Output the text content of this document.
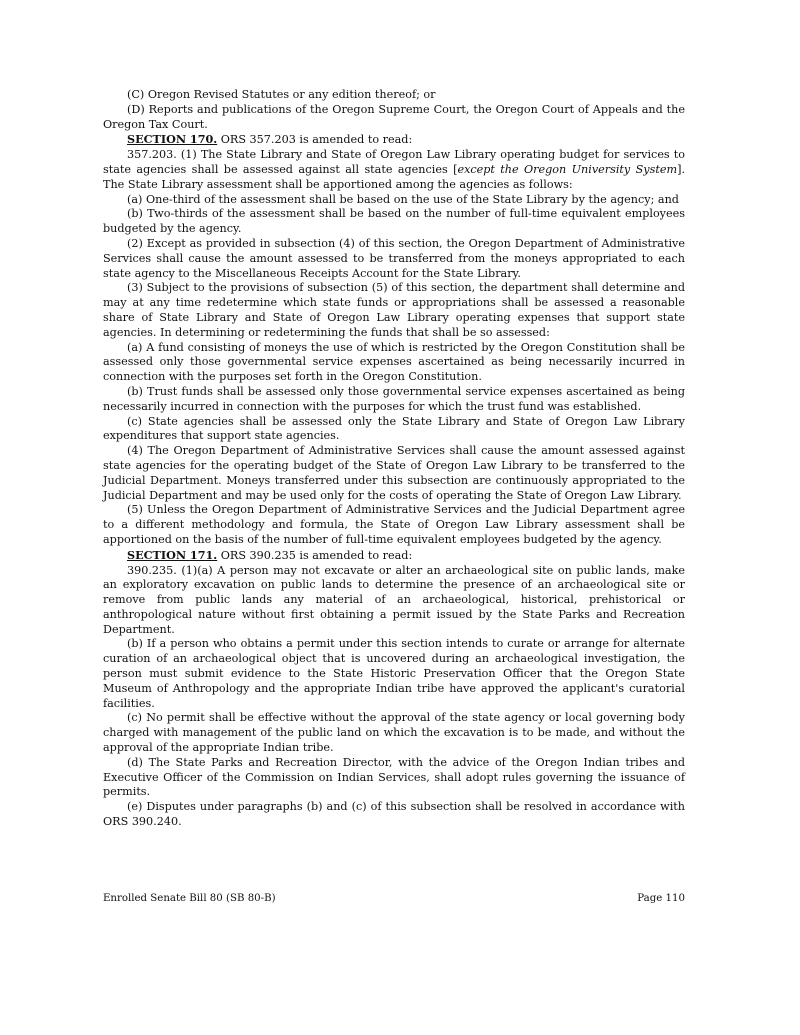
(C) Oregon Revised Statutes or any edition thereof; or

(D) Reports and publications of the Oregon Supreme Court, the Oregon Court of Appeals and the Oregon Tax Court.

SECTION 170. ORS 357.203 is amended to read:

357.203. (1) The State Library and State of Oregon Law Library operating budget for services to state agencies shall be assessed against all state agencies [except the Oregon University System]. The State Library assessment shall be apportioned among the agencies as follows:

(a) One-third of the assessment shall be based on the use of the State Library by the agency; and

(b) Two-thirds of the assessment shall be based on the number of full-time equivalent employees budgeted by the agency.

(2) Except as provided in subsection (4) of this section, the Oregon Department of Administrative Services shall cause the amount assessed to be transferred from the moneys appropriated to each state agency to the Miscellaneous Receipts Account for the State Library.

(3) Subject to the provisions of subsection (5) of this section, the department shall determine and may at any time redetermine which state funds or appropriations shall be assessed a reasonable share of State Library and State of Oregon Law Library operating expenses that support state agencies. In determining or redetermining the funds that shall be so assessed:

(a) A fund consisting of moneys the use of which is restricted by the Oregon Constitution shall be assessed only those governmental service expenses ascertained as being necessarily incurred in connection with the purposes set forth in the Oregon Constitution.

(b) Trust funds shall be assessed only those governmental service expenses ascertained as being necessarily incurred in connection with the purposes for which the trust fund was established.

(c) State agencies shall be assessed only the State Library and State of Oregon Law Library expenditures that support state agencies.

(4) The Oregon Department of Administrative Services shall cause the amount assessed against state agencies for the operating budget of the State of Oregon Law Library to be transferred to the Judicial Department. Moneys transferred under this subsection are continuously appropriated to the Judicial Department and may be used only for the costs of operating the State of Oregon Law Library.

(5) Unless the Oregon Department of Administrative Services and the Judicial Department agree to a different methodology and formula, the State of Oregon Law Library assessment shall be apportioned on the basis of the number of full-time equivalent employees budgeted by the agency.

SECTION 171. ORS 390.235 is amended to read:

390.235. (1)(a) A person may not excavate or alter an archaeological site on public lands, make an exploratory excavation on public lands to determine the presence of an archaeological site or remove from public lands any material of an archaeological, historical, prehistorical or anthropological nature without first obtaining a permit issued by the State Parks and Recreation Department.

(b) If a person who obtains a permit under this section intends to curate or arrange for alternate curation of an archaeological object that is uncovered during an archaeological investigation, the person must submit evidence to the State Historic Preservation Officer that the Oregon State Museum of Anthropology and the appropriate Indian tribe have approved the applicant's curatorial facilities.

(c) No permit shall be effective without the approval of the state agency or local governing body charged with management of the public land on which the excavation is to be made, and without the approval of the appropriate Indian tribe.

(d) The State Parks and Recreation Director, with the advice of the Oregon Indian tribes and Executive Officer of the Commission on Indian Services, shall adopt rules governing the issuance of permits.

(e) Disputes under paragraphs (b) and (c) of this subsection shall be resolved in accordance with ORS 390.240.

Enrolled Senate Bill 80 (SB 80-B)	Page 110
